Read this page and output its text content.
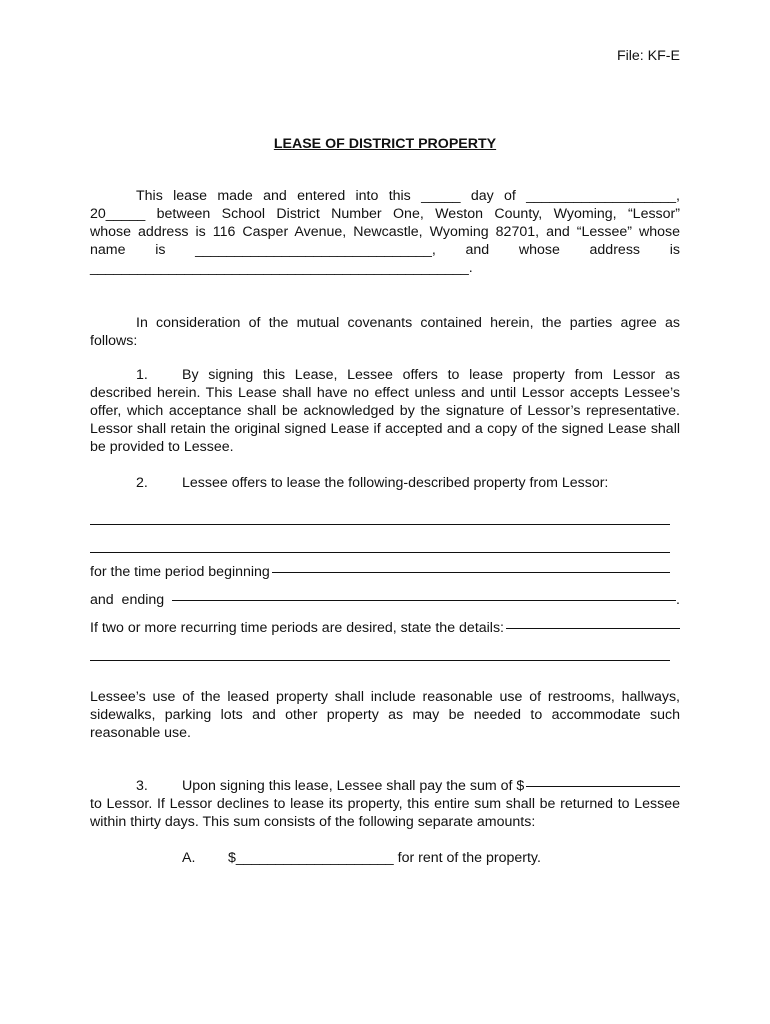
File: KF-E

LEASE OF DISTRICT PROPERTY

This lease made and entered into this _____ day of ___________________,
20_____ between School District Number One, Weston County, Wyoming, “Lessor”
whose address is 116 Casper Avenue, Newcastle, Wyoming 82701, and “Lessee” whose
name is ______________________________, and whose address is
________________________________________________.

In consideration of the mutual covenants contained herein, the parties agree as follows:

1. By signing this Lease, Lessee offers to lease property from Lessor as described herein. This Lease shall have no effect unless and until Lessor accepts Lessee’s offer, which acceptance shall be acknowledged by the signature of Lessor’s representative. Lessor shall retain the original signed Lease if accepted and a copy of the signed Lease shall be provided to Lessee.

2. Lessee offers to lease the following-described property from Lessor:

for the time period beginning
and  ending	.
If two or more recurring time periods are desired, state the details:

Lessee’s use of the leased property shall include reasonable use of restrooms, hallways, sidewalks, parking lots and other property as may be needed to accommodate such reasonable use.

3.	Upon signing this lease, Lessee shall pay the sum of $
to Lessor. If Lessor declines to lease its property, this entire sum shall be returned to Lessee within thirty days. This sum consists of the following separate amounts:
A. $____________________ for rent of the property.
